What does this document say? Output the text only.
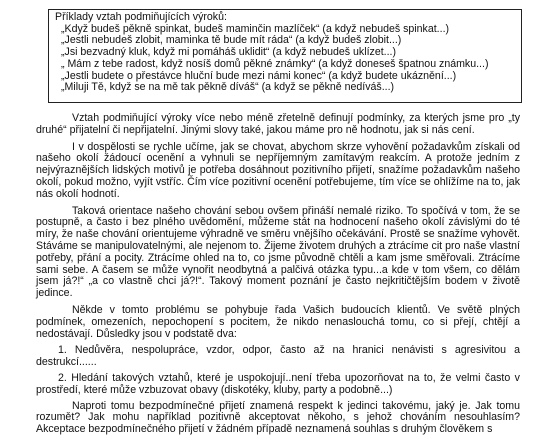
Příklady vztah podmiňujících výroků:

„Když budeš pěkně spinkat, budeš maminčin mazlíček“ (a když nebudeš spinkat...)
„Jestli nebudeš zlobit, maminka tě bude mít ráda“ (a když budeš zlobit...)
„Jsi bezvadný kluk, když mi pomáháš uklidit“ (a když nebudeš uklízet...)
„ Mám z tebe radost, když nosíš domů pěkné známky“ (a když doneseš špatnou známku...)
„Jestli budete o přestávce hluční bude mezi námi konec“ (a když budete ukáznění...)
„Miluji Tě, když se na mě tak pěkně díváš“ (a když se pěkně nedíváš...)

Vztah podmiňující výroky více nebo méně zřetelně definují podmínky, za kterých jsme pro „ty druhé“ přijatelní či nepřijatelní. Jinými slovy také, jakou máme pro ně hodnotu, jak si nás cení.

I v dospělosti se rychle učíme, jak se chovat, abychom skrze vyhovění požadavkům získali od našeho okolí žádoucí ocenění a vyhnuli se nepříjemným zamítavým reakcím. A protože jedním z nejvýraznějších lidských motivů je potřeba dosáhnout pozitivního přijetí, snažíme požadavkům našeho okolí, pokud možno, vyjít vstříc. Čím více pozitivní ocenění potřebujeme, tím více se ohlížíme na to, jak nás okolí hodnotí.

Taková orientace našeho chování sebou ovšem přináší nemalé riziko. To spočívá v tom, že se postupně, a často i bez plného uvědomění, můžeme stát na hodnocení našeho okolí závislými do té míry, že naše chování orientujeme výhradně ve směru vnějšího očekávání. Prostě se snažíme vyhovět. Stáváme se manipulovatelnými, ale nejenom to. Žijeme životem druhých a ztrácíme cit pro naše vlastní potřeby, přání a pocity. Ztrácíme ohled na to, co jsme původně chtěli a kam jsme směřovali. Ztrácíme sami sebe. A časem se může vynořit neodbytná a palčivá otázka typu...a kde v tom všem, co dělám jsem já?!“ „a co vlastně chci já?!“. Takový moment poznání je často nejkritičtějším bodem v životě jedince.

Někde v tomto problému se pohybuje řada Vašich budoucích klientů. Ve světě plných podmínek, omezeních, nepochopení s pocitem, že nikdo nenaslouchá tomu, co si přejí, chtějí a nedostávají. Důsledky jsou v podstatě dva:

1. Nedůvěra, nespolupráce, vzdor, odpor, často až na hranici nenávisti s agresivitou a destrukcí......
2. Hledání takových vztahů, které je uspokojují..není třeba upozorňovat na to, že velmi často v prostředí, které může vzbuzovat obavy (diskotéky, kluby, party a podobně...)

Naproti tomu bezpodmínečné přijetí znamená respekt k jedinci takovému, jaký je. Jak tomu rozumět? Jak mohu například pozitivně akceptovat někoho, s jehož chováním nesouhlasím? Akceptace bezpodmínečného přijetí v žádném případě neznamená souhlas s druhým člověkem s
